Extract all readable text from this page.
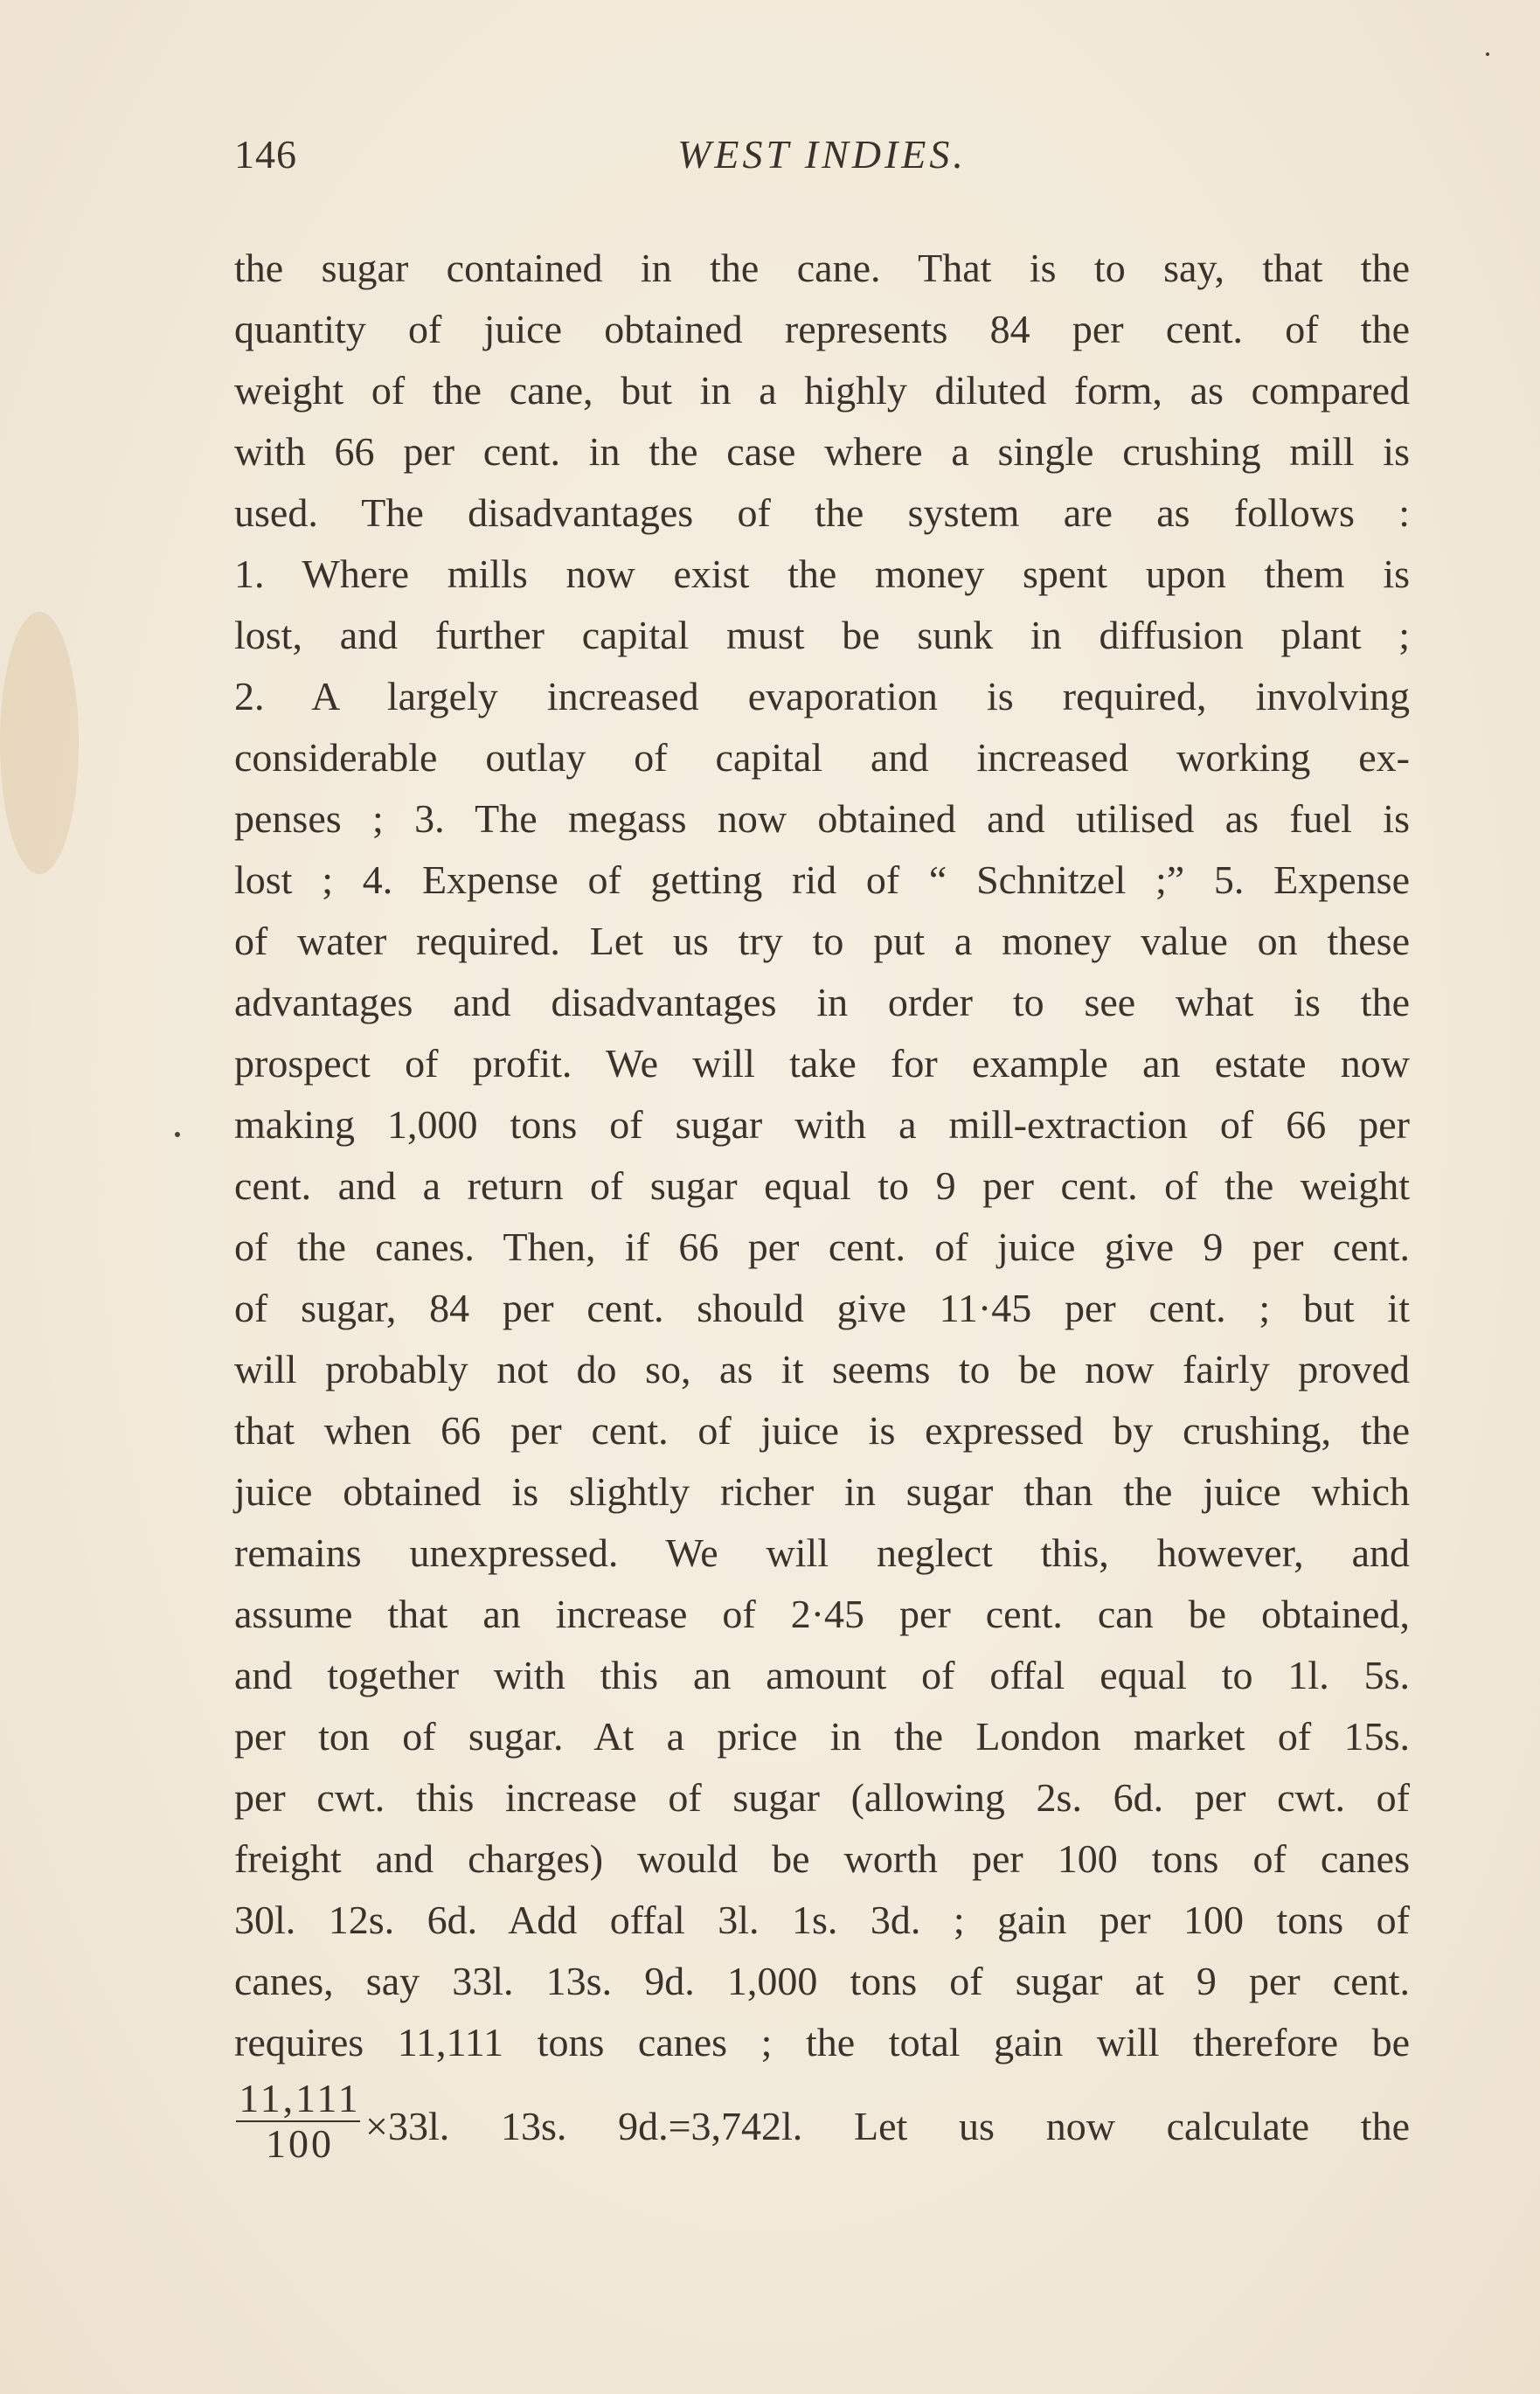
146	WEST INDIES.
the sugar contained in the cane. That is to say, that the
quantity of juice obtained represents 84 per cent. of the
weight of the cane, but in a highly diluted form, as compared
with 66 per cent. in the case where a single crushing mill is
used. The disadvantages of the system are as follows :
1. Where mills now exist the money spent upon them is
lost, and further capital must be sunk in diffusion plant ;
2. A largely increased evaporation is required, involving
considerable outlay of capital and increased working ex-
penses ; 3. The megass now obtained and utilised as fuel is
lost ; 4. Expense of getting rid of “ Schnitzel ;” 5. Expense
of water required. Let us try to put a money value on these
advantages and disadvantages in order to see what is the
prospect of profit. We will take for example an estate now
making 1,000 tons of sugar with a mill-extraction of 66 per
cent. and a return of sugar equal to 9 per cent. of the weight
of the canes. Then, if 66 per cent. of juice give 9 per cent.
of sugar, 84 per cent. should give 11·45 per cent. ; but it
will probably not do so, as it seems to be now fairly proved
that when 66 per cent. of juice is expressed by crushing, the
juice obtained is slightly richer in sugar than the juice which
remains unexpressed. We will neglect this, however, and
assume that an increase of 2·45 per cent. can be obtained,
and together with this an amount of offal equal to 1l. 5s.
per ton of sugar. At a price in the London market of 15s.
per cwt. this increase of sugar (allowing 2s. 6d. per cwt. of
freight and charges) would be worth per 100 tons of canes
30l. 12s. 6d. Add offal 3l. 1s. 3d. ; gain per 100 tons of
canes, say 33l. 13s. 9d. 1,000 tons of sugar at 9 per cent.
requires 11,111 tons canes ; the total gain will therefore be
11,111
100 ×33l. 13s. 9d.=3,742l. Let us now calculate the
